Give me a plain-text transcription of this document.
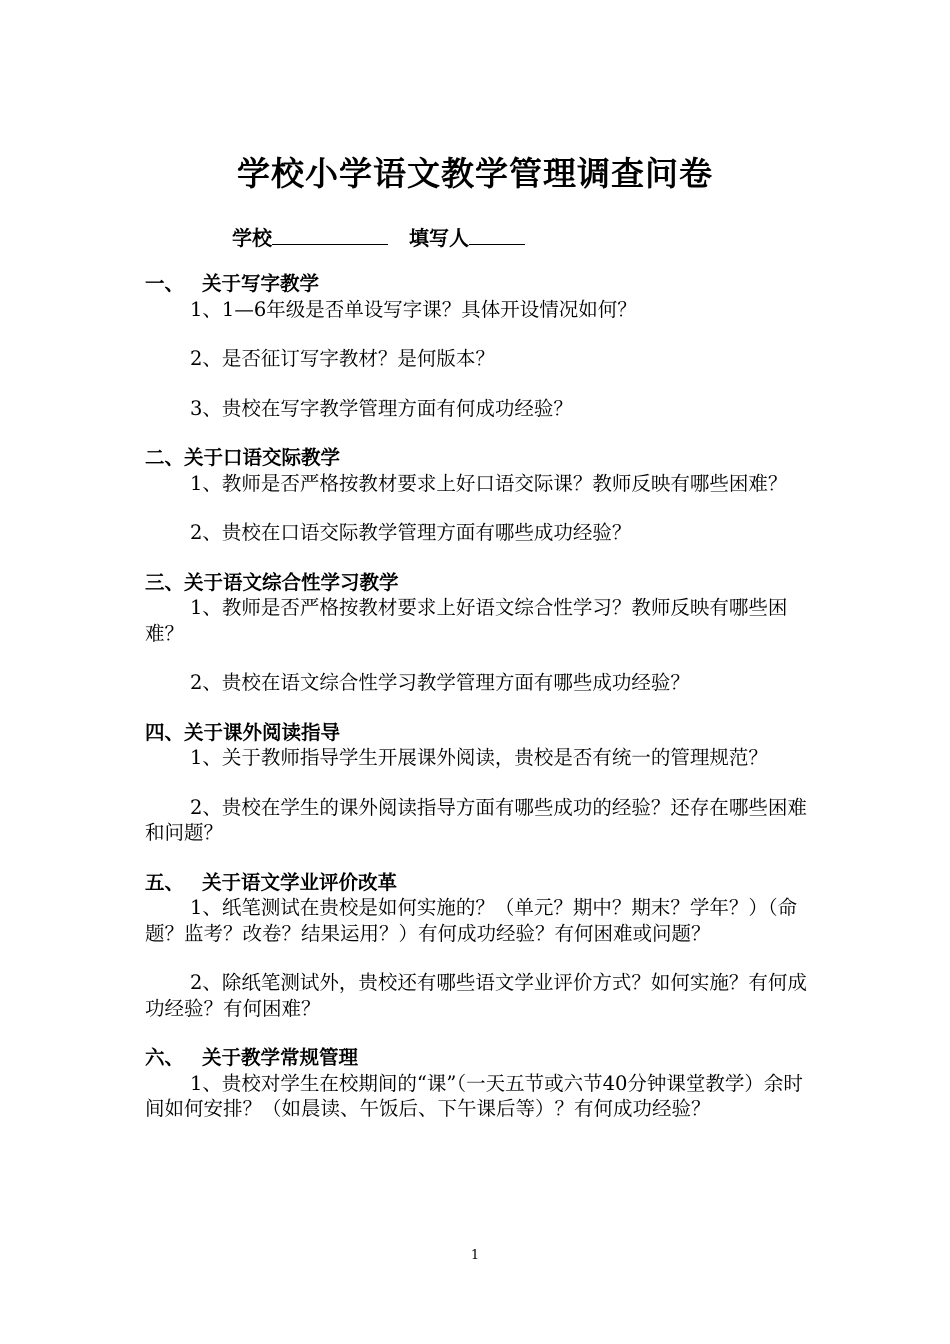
学校小学语文教学管理调查问卷
学校	填写人
一、 关于写字教学

1、1—6年级是否单设写字课？具体开设情况如何？

2、是否征订写字教材？是何版本？

3、贵校在写字教学管理方面有何成功经验？

二、关于口语交际教学

1、教师是否严格按教材要求上好口语交际课？教师反映有哪些困难？

2、贵校在口语交际教学管理方面有哪些成功经验？

三、关于语文综合性学习教学

1、教师是否严格按教材要求上好语文综合性学习？教师反映有哪些困难？

2、贵校在语文综合性学习教学管理方面有哪些成功经验？

四、关于课外阅读指导

1、关于教师指导学生开展课外阅读，贵校是否有统一的管理规范？

2、贵校在学生的课外阅读指导方面有哪些成功的经验？还存在哪些困难和问题？

五、 关于语文学业评价改革

1、纸笔测试在贵校是如何实施的？（单元？期中？期末？学年？）（命题？监考？改卷？结果运用？）有何成功经验？有何困难或问题？

2、除纸笔测试外，贵校还有哪些语文学业评价方式？如何实施？有何成功经验？有何困难？

六、 关于教学常规管理

1、贵校对学生在校期间的“课”（一天五节或六节40分钟课堂教学）余时间如何安排？（如晨读、午饭后、下午课后等）？有何成功经验？

1
